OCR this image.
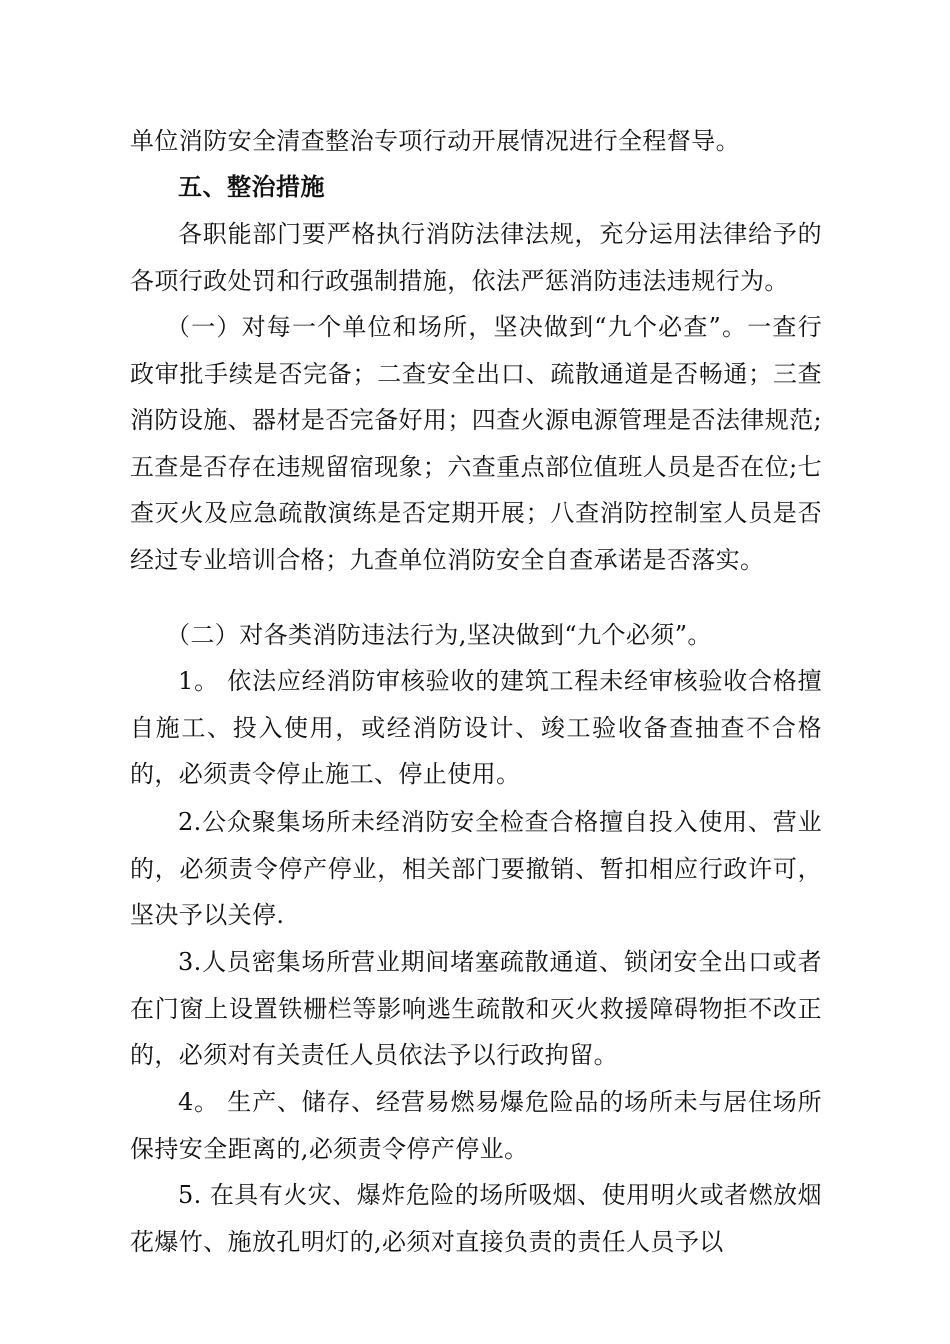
单位消防安全清查整治专项行动开展情况进行全程督导。
五、整治措施
各职能部门要严格执行消防法律法规，充分运用法律给予的各项行政处罚和行政强制措施，依法严惩消防违法违规行为。
（一）对每一个单位和场所，坚决做到“九个必查”。一查行政审批手续是否完备；二查安全出口、疏散通道是否畅通；三查消防设施、器材是否完备好用；四查火源电源管理是否法律规范;五查是否存在违规留宿现象；六查重点部位值班人员是否在位;七查灭火及应急疏散演练是否定期开展；八查消防控制室人员是否经过专业培训合格；九查单位消防安全自查承诺是否落实。
（二）对各类消防违法行为,坚决做到“九个必须”。
1。 依法应经消防审核验收的建筑工程未经审核验收合格擅自施工、投入使用，或经消防设计、竣工验收备查抽查不合格的，必须责令停止施工、停止使用。
2.公众聚集场所未经消防安全检查合格擅自投入使用、营业的，必须责令停产停业，相关部门要撤销、暂扣相应行政许可，坚决予以关停.
3.人员密集场所营业期间堵塞疏散通道、锁闭安全出口或者在门窗上设置铁栅栏等影响逃生疏散和灭火救援障碍物拒不改正的，必须对有关责任人员依法予以行政拘留。
4。 生产、储存、经营易燃易爆危险品的场所未与居住场所保持安全距离的,必须责令停产停业。
5. 在具有火灾、爆炸危险的场所吸烟、使用明火或者燃放烟花爆竹、施放孔明灯的,必须对直接负责的责任人员予以
